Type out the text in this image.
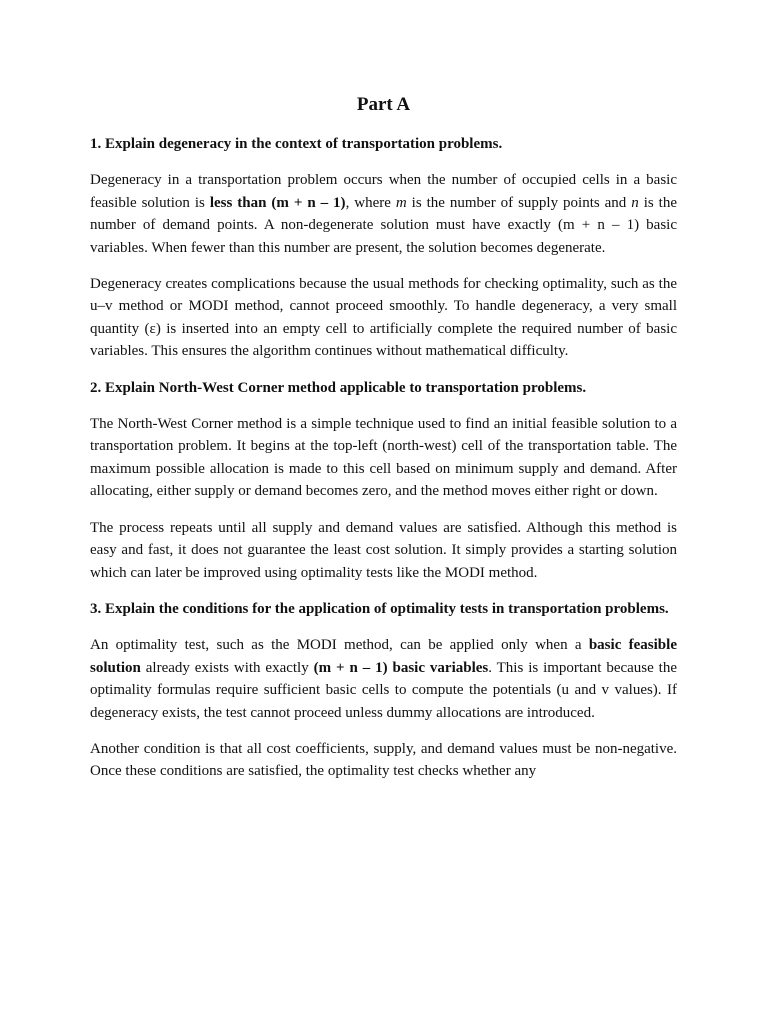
Part A

1. Explain degeneracy in the context of transportation problems.

Degeneracy in a transportation problem occurs when the number of occupied cells in a basic feasible solution is less than (m + n – 1), where m is the number of supply points and n is the number of demand points. A non-degenerate solution must have exactly (m + n – 1) basic variables. When fewer than this number are present, the solution becomes degenerate.

Degeneracy creates complications because the usual methods for checking optimality, such as the u–v method or MODI method, cannot proceed smoothly. To handle degeneracy, a very small quantity (ε) is inserted into an empty cell to artificially complete the required number of basic variables. This ensures the algorithm continues without mathematical difficulty.

2. Explain North-West Corner method applicable to transportation problems.

The North-West Corner method is a simple technique used to find an initial feasible solution to a transportation problem. It begins at the top-left (north-west) cell of the transportation table. The maximum possible allocation is made to this cell based on minimum supply and demand. After allocating, either supply or demand becomes zero, and the method moves either right or down.

The process repeats until all supply and demand values are satisfied. Although this method is easy and fast, it does not guarantee the least cost solution. It simply provides a starting solution which can later be improved using optimality tests like the MODI method.

3. Explain the conditions for the application of optimality tests in transportation problems.

An optimality test, such as the MODI method, can be applied only when a basic feasible solution already exists with exactly (m + n – 1) basic variables. This is important because the optimality formulas require sufficient basic cells to compute the potentials (u and v values). If degeneracy exists, the test cannot proceed unless dummy allocations are introduced.

Another condition is that all cost coefficients, supply, and demand values must be non-negative. Once these conditions are satisfied, the optimality test checks whether any
